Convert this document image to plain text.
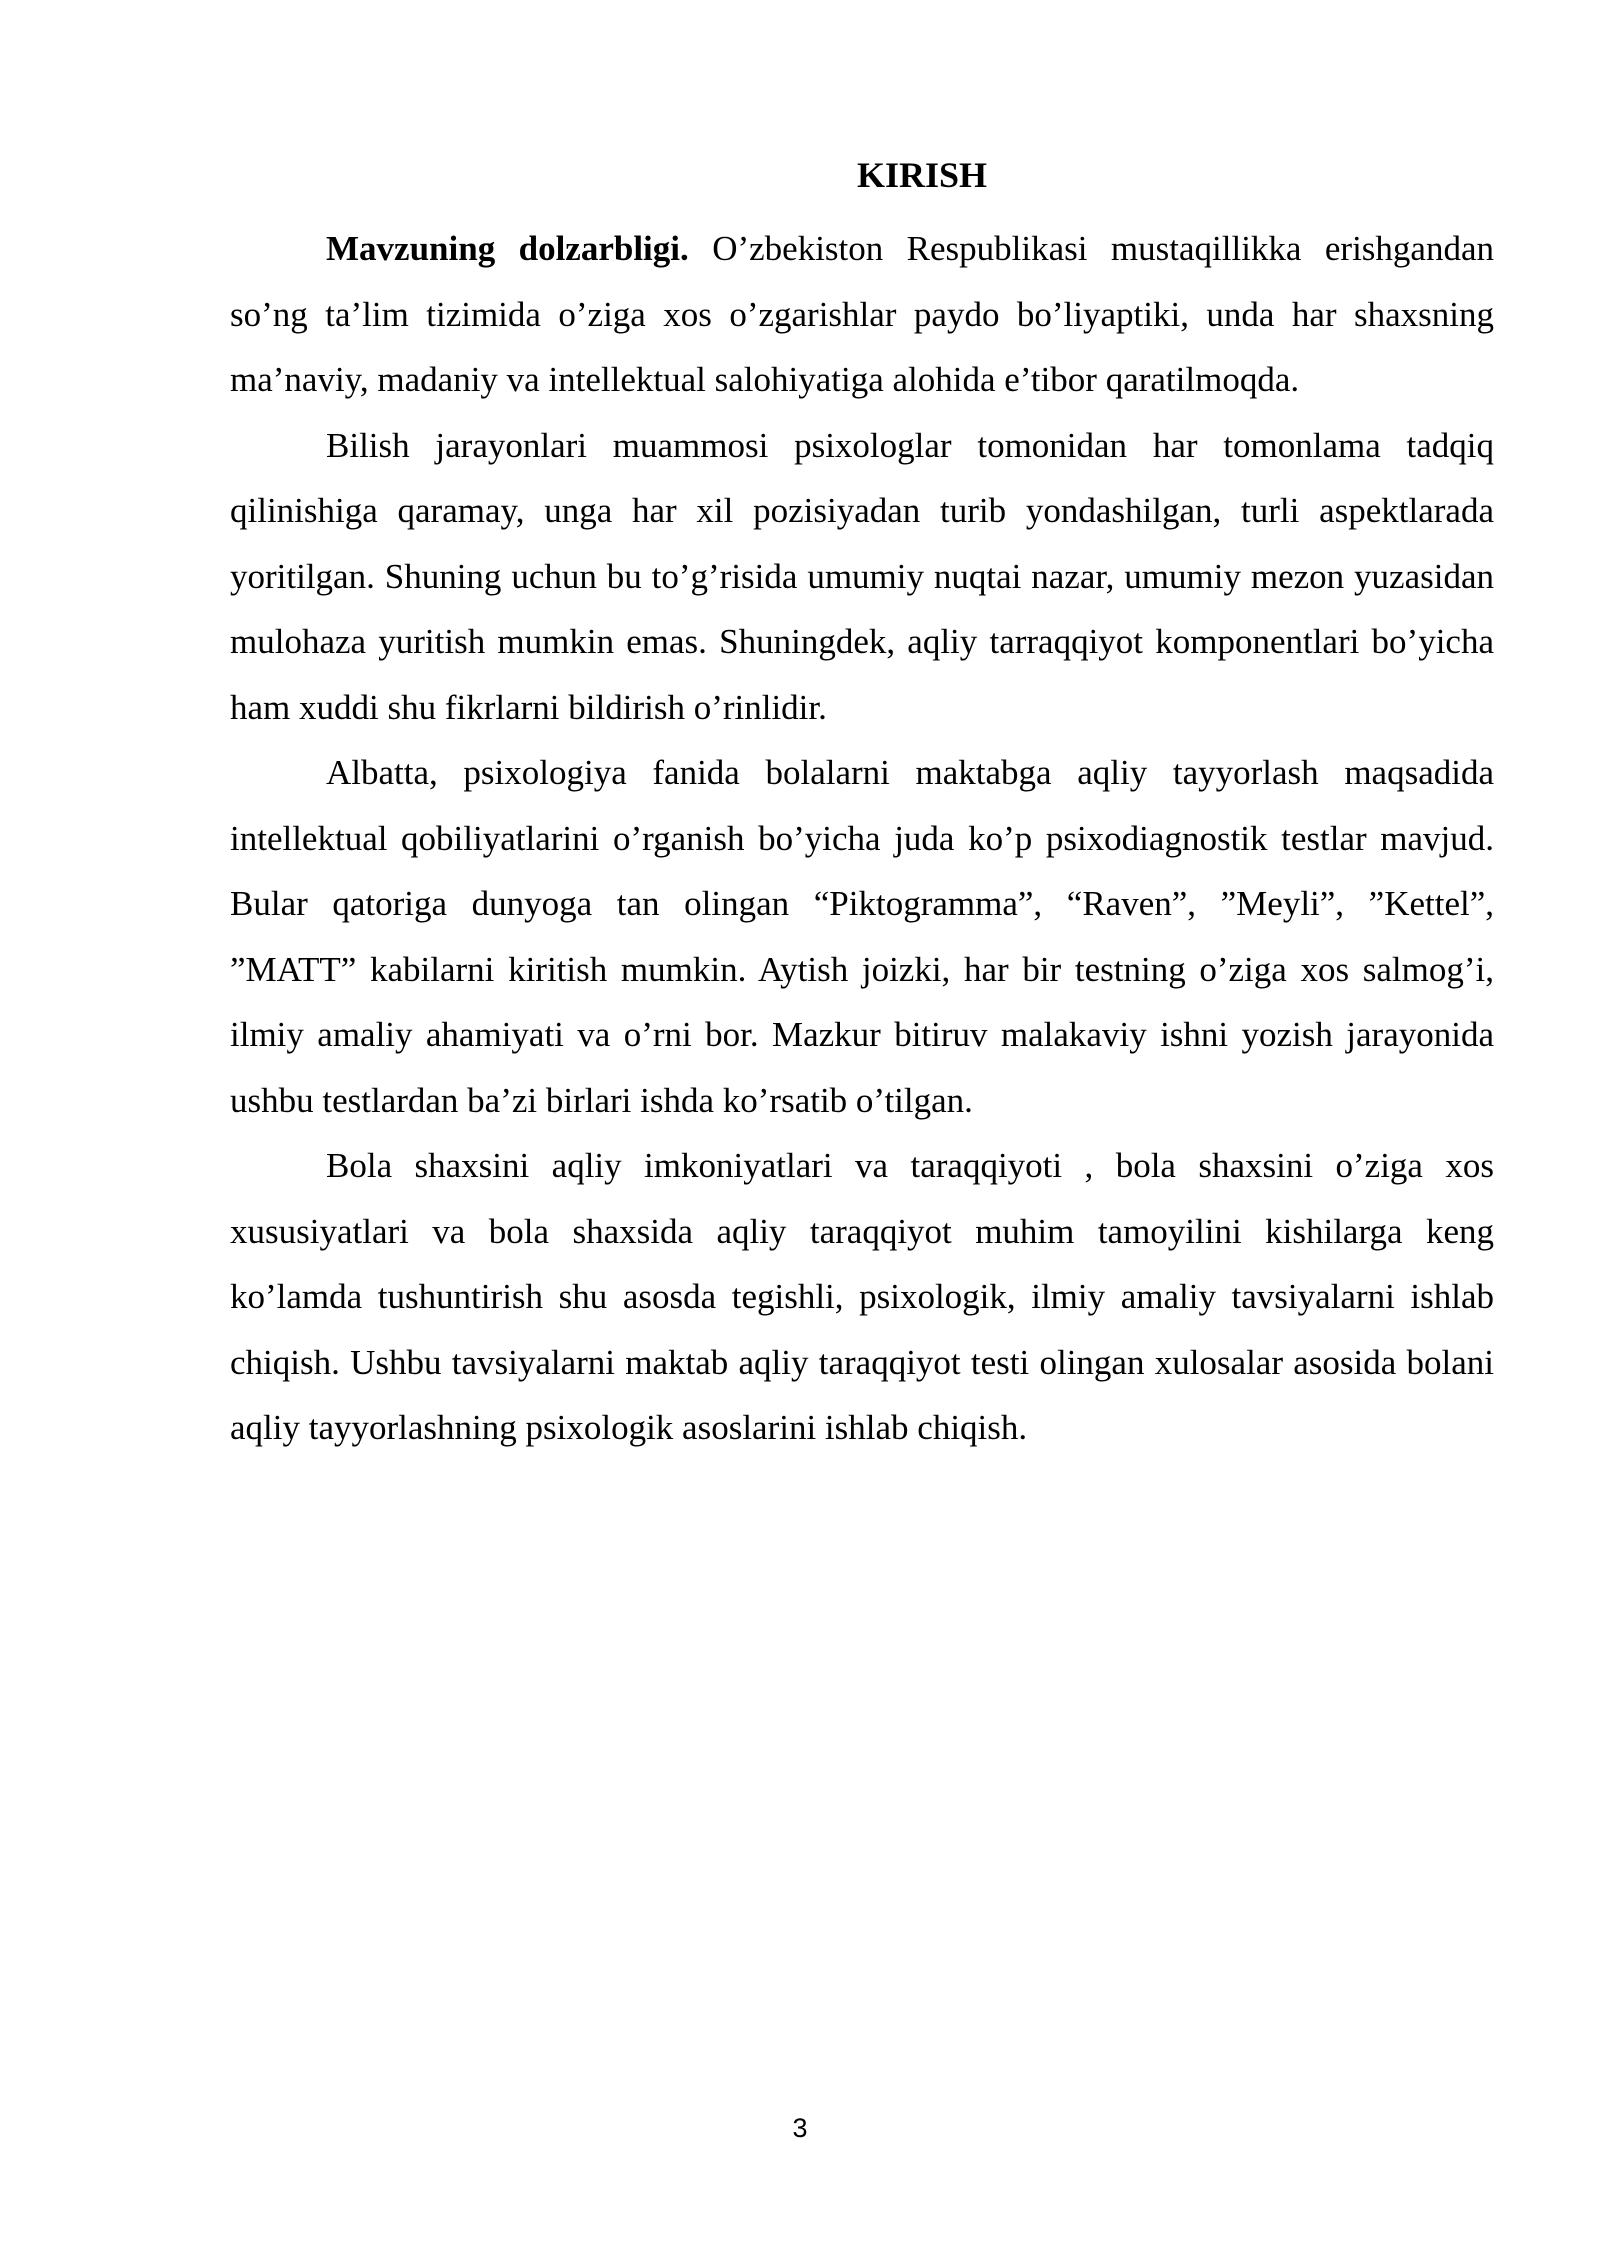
KIRISH

Mavzuning dolzarbligi. O’zbekiston Respublikasi mustaqillikka erishgandan so’ng ta’lim tizimida o’ziga xos o’zgarishlar paydo bo’liyaptiki, unda har shaxsning ma’naviy, madaniy va intellektual salohiyatiga alohida e’tibor qaratilmoqda.

Bilish jarayonlari muammosi psixologlar tomonidan har tomonlama tadqiq qilinishiga qaramay, unga har xil pozisiyadan turib yondashilgan, turli aspektlarada yoritilgan. Shuning uchun bu to’g’risida umumiy nuqtai nazar, umumiy mezon yuzasidan mulohaza yuritish mumkin emas. Shuningdek, aqliy tarraqqiyot komponentlari bo’yicha ham xuddi shu fikrlarni bildirish o’rinlidir.

Albatta, psixologiya fanida bolalarni maktabga aqliy tayyorlash maqsadida intellektual qobiliyatlarini o’rganish bo’yicha juda ko’p psixodiagnostik testlar mavjud. Bular qatoriga dunyoga tan olingan “Piktogramma”, “Raven”, ”Meyli”, ”Kettel”, ”MATT” kabilarni kiritish mumkin. Aytish joizki, har bir testning o’ziga xos salmog’i, ilmiy amaliy ahamiyati va o’rni bor. Mazkur bitiruv malakaviy ishni yozish jarayonida ushbu testlardan ba’zi birlari ishda ko’rsatib o’tilgan.

Bola shaxsini aqliy imkoniyatlari va taraqqiyoti , bola shaxsini o’ziga xos xususiyatlari va bola shaxsida aqliy taraqqiyot muhim tamoyilini kishilarga keng ko’lamda tushuntirish shu asosda tegishli, psixologik, ilmiy amaliy tavsiyalarni ishlab chiqish. Ushbu tavsiyalarni maktab aqliy taraqqiyot testi olingan xulosalar asosida bolani aqliy tayyorlashning psixologik asoslarini ishlab chiqish.

3
